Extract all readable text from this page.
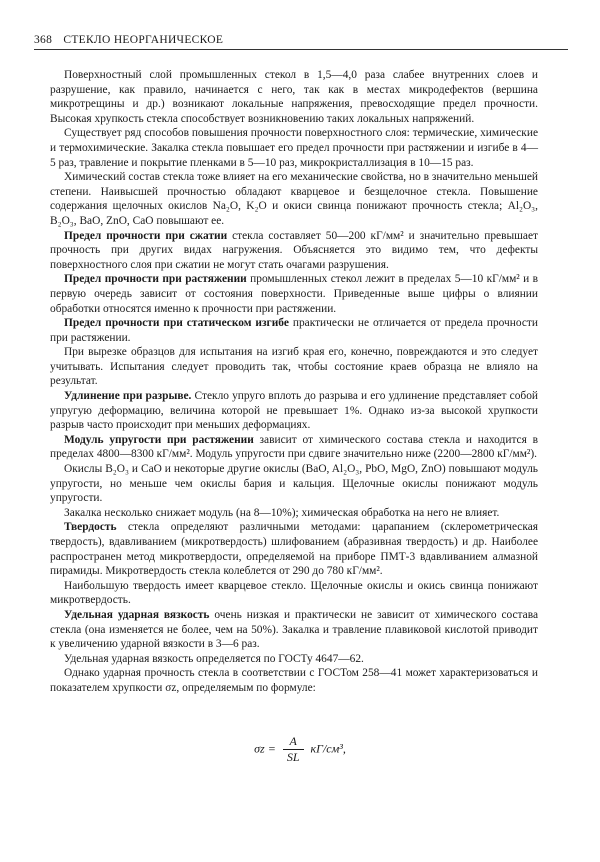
368 СТЕКЛО НЕОРГАНИЧЕСКОЕ

Поверхностный слой промышленных стекол в 1,5—4,0 раза слабее внутренних слоев и разрушение, как правило, начинается с него, так как в местах микродефектов (вершина микротрещины и др.) возникают локальные напряжения, превосходящие предел прочности. Высокая хрупкость стекла способствует возникновению таких локальных напряжений.

Существует ряд способов повышения прочности поверхностного слоя: термические, химические и термохимические. Закалка стекла повышает его предел прочности при растяжении и изгибе в 4—5 раз, травление и покрытие пленками в 5—10 раз, микрокристаллизация в 10—15 раз.

Химический состав стекла тоже влияет на его механические свойства, но в значительно меньшей степени. Наивысшей прочностью обладают кварцевое и безщелочное стекла. Повышение содержания щелочных окислов Na₂O, K₂O и окиси свинца понижают прочность стекла; Al₂O₃, B₂O₃, BaO, ZnO, CaO повышают ее.

Предел прочности при сжатии стекла составляет 50—200 кГ/мм² и значительно превышает прочность при других видах нагружения. Объясняется это видимо тем, что дефекты поверхностного слоя при сжатии не могут стать очагами разрушения.

Предел прочности при растяжении промышленных стекол лежит в пределах 5—10 кГ/мм² и в первую очередь зависит от состояния поверхности. Приведенные выше цифры о влиянии обработки относятся именно к прочности при растяжении.

Предел прочности при статическом изгибе практически не отличается от предела прочности при растяжении.

При вырезке образцов для испытания на изгиб края его, конечно, повреждаются и это следует учитывать. Испытания следует проводить так, чтобы состояние краев образца не влияло на результат.

Удлинение при разрыве. Стекло упруго вплоть до разрыва и его удлинение представляет собой упругую деформацию, величина которой не превышает 1%. Однако из-за высокой хрупкости разрыв часто происходит при меньших деформациях.

Модуль упругости при растяжении зависит от химического состава стекла и находится в пределах 4800—8300 кГ/мм². Модуль упругости при сдвиге значительно ниже (2200—2800 кГ/мм²).

Окислы B₂O₃ и CaO и некоторые другие окислы (BaO, Al₂O₃, PbO, MgO, ZnO) повышают модуль упругости, но меньше чем окислы бария и кальция. Щелочные окислы понижают модуль упругости.

Закалка несколько снижает модуль (на 8—10%); химическая обработка на него не влияет.

Твердость стекла определяют различными методами: царапанием (склерометрическая твердость), вдавливанием (микротвердость) шлифованием (абразивная твердость) и др. Наиболее распространен метод микротвердости, определяемой на приборе ПМТ-3 вдавливанием алмазной пирамиды. Микротвердость стекла колеблется от 290 до 780 кГ/мм².

Наибольшую твердость имеет кварцевое стекло. Щелочные окислы и окись свинца понижают микротвердость.

Удельная ударная вязкость очень низкая и практически не зависит от химического состава стекла (она изменяется не более, чем на 50%). Закалка и травление плавиковой кислотой приводит к увеличению ударной вязкости в 3—6 раз.

Удельная ударная вязкость определяется по ГОСТу 4647—62.

Однако ударная прочность стекла в соответствии с ГОСТом 258—41 может характеризоваться и показателем хрупкости σz, определяемым по формуле:

$\sigma z = \frac{A}{SL} кГ/см^3$,
